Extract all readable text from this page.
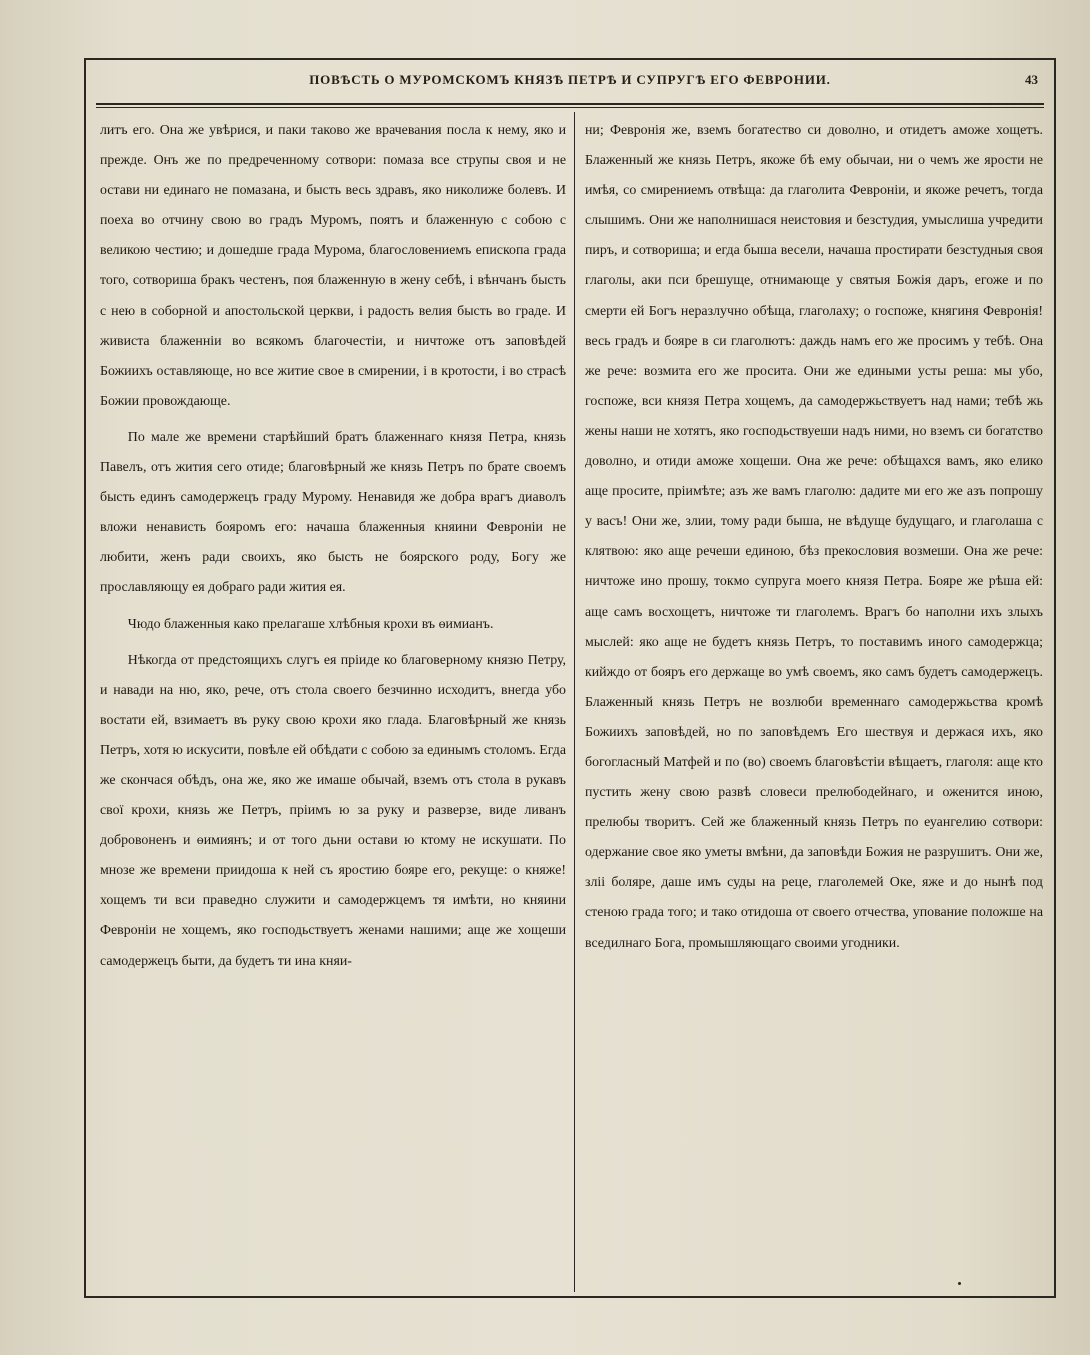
ПОВѢСТЬ О МУРОМСКОМЪ КНЯЗѢ ПЕТРѢ И СУПРУГѢ ЕГО ФЕВРОНИИ.	43

литъ его. Она же увѣрися, и паки таково же врачевания посла к нему, яко и прежде. Онъ же по предреченному сотвори: помаза все струпы своя и не остави ни единаго не помазана, и бысть весь здравъ, яко николиже болевъ. И поеха во отчину свою во градъ Муромъ, поятъ и блаженную с собою с великою честию; и дошедше града Мурома, благословениемъ епископа града того, сотвориша бракъ честенъ, поя блаженную в жену себѣ, і вѣнчанъ бысть с нею в соборной и апостольской церкви, і радость велия бысть во граде. И живиста блаженнiи во всякомъ благочестiи, и ничтоже отъ заповѣдей Божиихъ оставляюще, но все житие свое в смирении, і в кротости, і во страсѣ Божии провождающе.

По мале же времени старѣйший братъ блаженнаго князя Петра, князь Павелъ, отъ жития сего отиде; благовѣрный же князь Петръ по брате своемъ бысть единъ самодержецъ граду Мурому. Ненавидя же добра врагъ диаволъ вложи ненависть бояромъ его: начаша блаженныя княини Февронiи не любити, женъ ради своихъ, яко бысть не боярского роду, Богу же прославляющу ея добраго ради жития ея.

Чюдо блаженныя како прелагаше хлѣбныя крохи въ ѳимианъ.

Нѣкогда от предстоящихъ слугъ ея прiиде ко благоверному князю Петру, и навади на ню, яко, рече, отъ стола своего безчинно исходитъ, внегда убо востати ей, взимаетъ въ руку свою крохи яко глада. Благовѣрный же князь Петръ, хотя ю искусити, повѣле ей обѣдати с собою за единымъ столомъ. Егда же скончася обѣдъ, она же, яко же имаше обычай, вземъ отъ стола в рукавъ свої крохи, князь же Петръ, прiимъ ю за руку и разверзе, виде ливанъ добровоненъ и ѳимиянъ; и от того дьни остави ю ктому не искушати. По мнозе же времени приидоша к ней съ яростию бояре его, рекуще: о княже! хощемъ ти вси праведно служити и самодержцемъ тя имѣти, но княини Февронiи не хощемъ, яко господьствуетъ женами нашими; аще же хощеши самодержецъ быти, да будетъ ти ина княи-

ни; Февронiя же, вземъ богатество си доволно, и отидетъ аможе хощетъ. Блаженный же князь Петръ, якоже бѣ ему обычаи, ни о чемъ же ярости не имѣя, со смирениемъ отвѣща: да глаголита Февронiи, и якоже речетъ, тогда слышимъ. Они же наполнишася неистовия и безстудия, умыслиша учредити пиръ, и сотвориша; и егда быша весели, начаша простирати безстудныя своя глаголы, аки пси брешуще, отнимающе у святыя Божiя даръ, егоже и по смерти ей Богъ неразлучно обѣща, глаголаху; о госпоже, княгиня Февронiя! весь градъ и бояре в си глаголютъ: даждь намъ его же просимъ у тебѣ. Она же рече: возмита его же просита. Они же едиными усты реша: мы убо, госпоже, вси князя Петра хощемъ, да самодержьствуетъ над нами; тебѣ жь жены наши не хотятъ, яко господьствуеши надъ ними, но вземъ си богатство доволно, и отиди аможе хощеши. Она же рече: обѣщахся вамъ, яко елико аще просите, прiимѣте; азъ же вамъ глаголю: дадите ми его же азъ попрошу у васъ! Они же, злии, тому ради быша, не вѣдуще будущаго, и глаголаша с клятвою: яко аще речеши единою, бѣз прекословия возмеши. Она же рече: ничтоже ино прошу, токмо супруга моего князя Петра. Бояре же рѣша ей: аще самъ восхощетъ, ничтоже ти глаголемъ. Врагъ бо наполни ихъ злыхъ мыслей: яко аще не будетъ князь Петръ, то поставимъ иного самодержца; кийждо от бояръ его держаще во умѣ своемъ, яко самъ будетъ самодержецъ. Блаженный князь Петръ не возлюби временнаго самодержьства кромѣ Божиихъ заповѣдей, но по заповѣдемъ Его шествуя и держася ихъ, яко богогласный Матфей и по (во) своемъ благовѣстiи вѣщаетъ, глаголя: аще кто пустить жену свою развѣ словеси прелюбодейнаго, и оженится иною, прелюбы творитъ. Сей же блаженный князь Петръ по еуангелию сотвори: одержание свое яко уметы вмѣни, да заповѣди Божия не разрушитъ. Они же, злii боляре, даше имъ суды на реце, глаголемей Оке, яже и до нынѣ под стеною града того; и тако отидоша от своего отчества, упование положше на вседилнаго Бога, промышляющаго своими угодники.
